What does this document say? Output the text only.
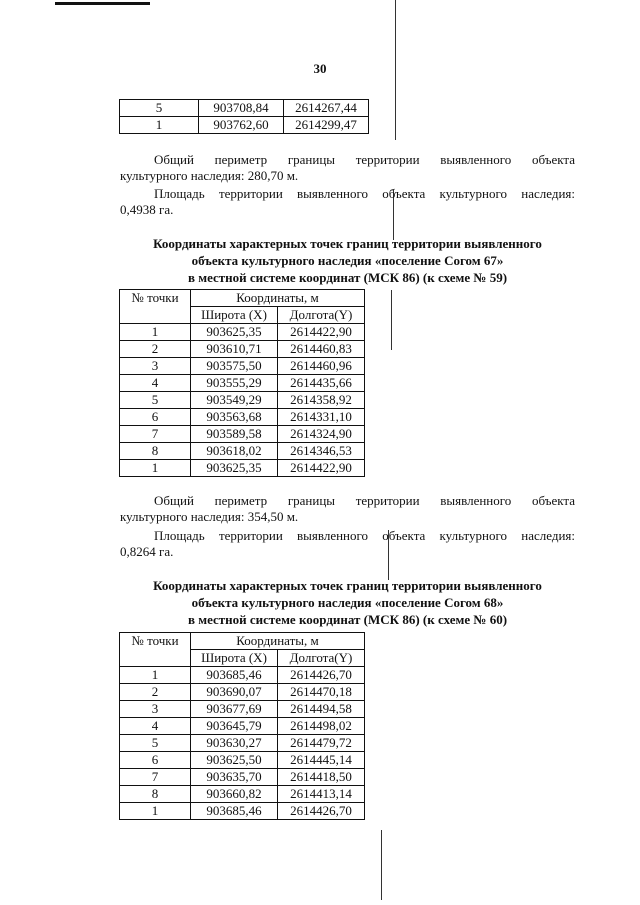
30
5	903708,84	2614267,44
1	903762,60	2614299,47
Общий периметр границы территории выявленного объекта
культурного наследия: 280,70 м.
Площадь территории выявленного объекта культурного наследия:
0,4938 га.
Координаты характерных точек границ территории выявленного
объекта культурного наследия «поселение Согом 67»
в местной системе координат (МСК 86) (к схеме № 59)
№ точки	Координаты, м	
	Широта (X)	Долгота(Y)
1	903625,35	2614422,90
2	903610,71	2614460,83
3	903575,50	2614460,96
4	903555,29	2614435,66
5	903549,29	2614358,92
6	903563,68	2614331,10
7	903589,58	2614324,90
8	903618,02	2614346,53
1	903625,35	2614422,90
Общий периметр границы территории выявленного объекта
культурного наследия: 354,50 м.
Площадь территории выявленного объекта культурного наследия:
0,8264 га.
Координаты характерных точек границ территории выявленного
объекта культурного наследия «поселение Согом 68»
в местной системе координат (МСК 86) (к схеме № 60)
№ точки	Координаты, м	
	Широта (X)	Долгота(Y)
1	903685,46	2614426,70
2	903690,07	2614470,18
3	903677,69	2614494,58
4	903645,79	2614498,02
5	903630,27	2614479,72
6	903625,50	2614445,14
7	903635,70	2614418,50
8	903660,82	2614413,14
1	903685,46	2614426,70
